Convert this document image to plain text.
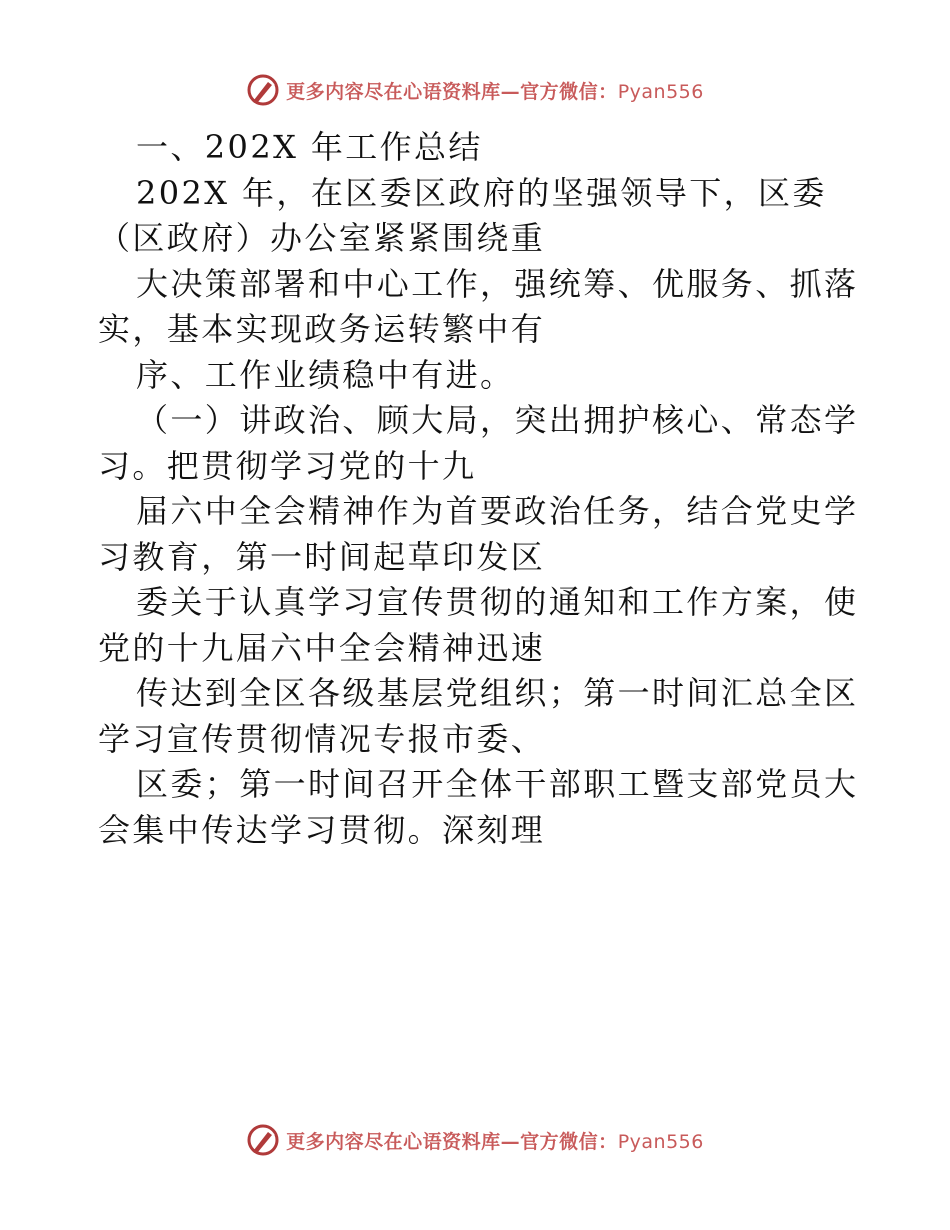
更多内容尽在心语资料库—官方微信：Pyan556
一、202X 年工作总结
202X 年，在区委区政府的坚强领导下，区委
（区政府）办公室紧紧围绕重
大决策部署和中心工作，强统筹、优服务、抓落
实，基本实现政务运转繁中有
序、工作业绩稳中有进。
（一）讲政治、顾大局，突出拥护核心、常态学
习。把贯彻学习党的十九
届六中全会精神作为首要政治任务，结合党史学
习教育，第一时间起草印发区
委关于认真学习宣传贯彻的通知和工作方案，使
党的十九届六中全会精神迅速
传达到全区各级基层党组织；第一时间汇总全区
学习宣传贯彻情况专报市委、
区委；第一时间召开全体干部职工暨支部党员大
会集中传达学习贯彻。深刻理
更多内容尽在心语资料库—官方微信：Pyan556
